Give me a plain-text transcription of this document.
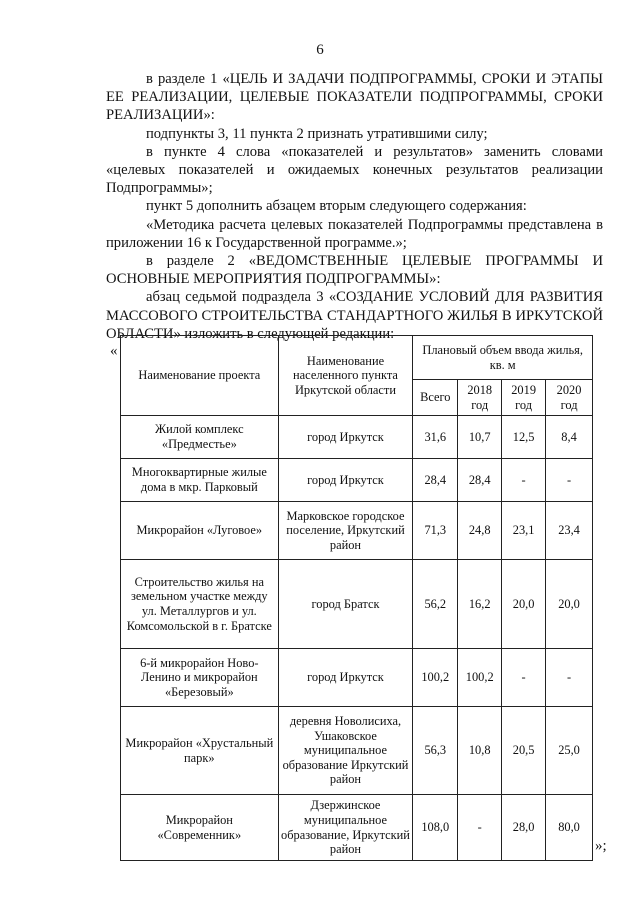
6

в разделе 1 «ЦЕЛЬ И ЗАДАЧИ ПОДПРОГРАММЫ, СРОКИ И ЭТАПЫ ЕЕ РЕАЛИЗАЦИИ, ЦЕЛЕВЫЕ ПОКАЗАТЕЛИ ПОДПРОГРАММЫ, СРОКИ РЕАЛИЗАЦИИ»:

подпункты 3, 11 пункта 2 признать утратившими силу;

в пункте 4 слова «показателей и результатов» заменить словами «целевых показателей и ожидаемых конечных результатов реализации Подпрограммы»;

пункт 5 дополнить абзацем вторым следующего содержания:

«Методика расчета целевых показателей Подпрограммы представлена в приложении 16 к Государственной программе.»;

в разделе 2 «ВЕДОМСТВЕННЫЕ ЦЕЛЕВЫЕ ПРОГРАММЫ И ОСНОВНЫЕ МЕРОПРИЯТИЯ ПОДПРОГРАММЫ»:

абзац седьмой подраздела 3 «СОЗДАНИЕ УСЛОВИЙ ДЛЯ РАЗВИТИЯ МАССОВОГО СТРОИТЕЛЬСТВА СТАНДАРТНОГО ЖИЛЬЯ В ИРКУТСКОЙ ОБЛАСТИ» изложить в следующей редакции:

«
Наименование проекта	Наименование населенного пункта Иркутской области	Плановый объем ввода жилья, кв. м			
		Всего	2018 год	2019 год	2020 год
Жилой комплекс «Предместье»	город Иркутск	31,6	10,7	12,5	8,4
Многоквартирные жилые дома в мкр. Парковый	город Иркутск	28,4	28,4	-	-
Микрорайон «Луговое»	Марковское городское поселение, Иркутский район	71,3	24,8	23,1	23,4
Строительство жилья на земельном участке между ул. Металлургов и ул. Комсомольской в г. Братске	город Братск	56,2	16,2	20,0	20,0
6-й микрорайон Ново-Ленино и микрорайон «Березовый»	город Иркутск	100,2	100,2	-	-
Микрорайон «Хрустальный парк»	деревня Новолисиха, Ушаковское муниципальное образование Иркутский район	56,3	10,8	20,5	25,0
Микрорайон «Современник»	Дзержинское муниципальное образование, Иркутский район	108,0	-	28,0	80,0
»;
